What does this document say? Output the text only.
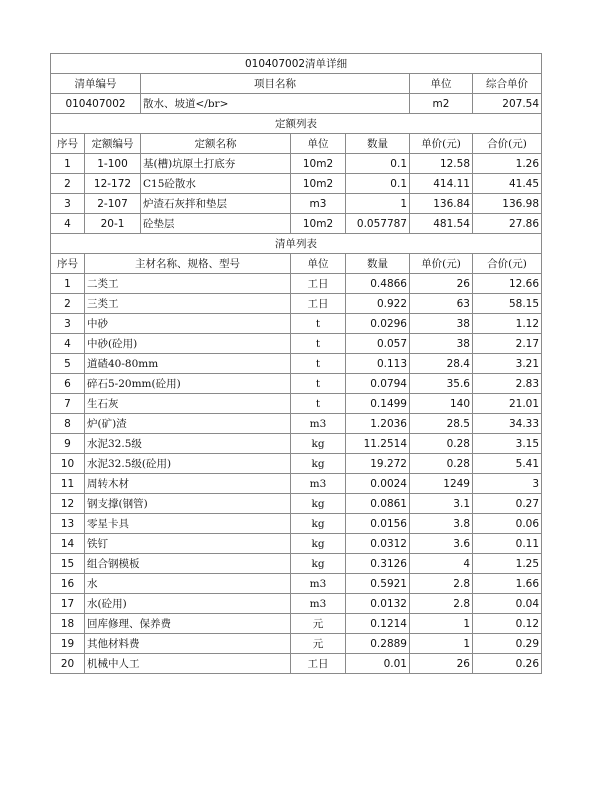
010407002清单详细						
清单编号		项目名称			单位	综合单价
010407002		散水、坡道</br>			m2	207.54
定额列表						
序号	定额编号	定额名称	单位	数量	单价(元)	合价(元)
1	1-100	基(槽)坑原土打底夯	10m2	0.1	12.58	1.26
2	12-172	C15砼散水	10m2	0.1	414.11	41.45
3	2-107	炉渣石灰拌和垫层	m3	1	136.84	136.98
4	20-1	砼垫层	10m2	0.057787	481.54	27.86
清单列表						
序号	主材名称、规格、型号		单位	数量	单价(元)	合价(元)
1	二类工		工日	0.4866	26	12.66
2	三类工		工日	0.922	63	58.15
3	中砂		t	0.0296	38	1.12
4	中砂(砼用)		t	0.057	38	2.17
5	道碴40-80mm		t	0.113	28.4	3.21
6	碎石5-20mm(砼用)		t	0.0794	35.6	2.83
7	生石灰		t	0.1499	140	21.01
8	炉(矿)渣		m3	1.2036	28.5	34.33
9	水泥32.5级		kg	11.2514	0.28	3.15
10	水泥32.5级(砼用)		kg	19.272	0.28	5.41
11	周转木材		m3	0.0024	1249	3
12	钢支撑(钢管)		kg	0.0861	3.1	0.27
13	零星卡具		kg	0.0156	3.8	0.06
14	铁钉		kg	0.0312	3.6	0.11
15	组合钢模板		kg	0.3126	4	1.25
16	水		m3	0.5921	2.8	1.66
17	水(砼用)		m3	0.0132	2.8	0.04
18	回库修理、保养费		元	0.1214	1	0.12
19	其他材料费		元	0.2889	1	0.29
20	机械中人工		工日	0.01	26	0.26
